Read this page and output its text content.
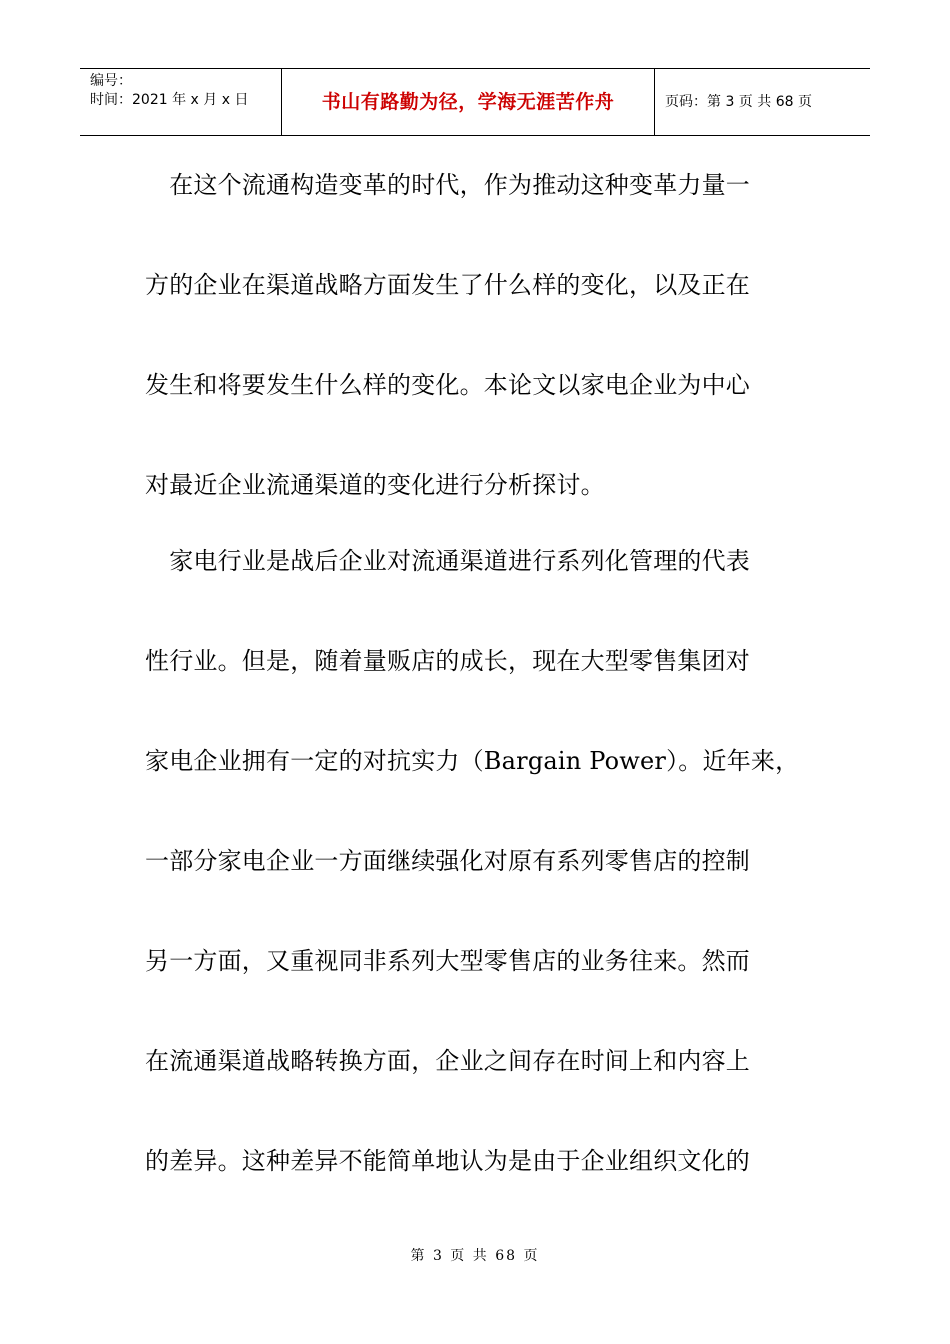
编号：
时间：2021 年 x 月 x 日	书山有路勤为径，学海无涯苦作舟	页码：第 3 页 共 68 页
　在这个流通构造变革的时代，作为推动这种变革力量一
方的企业在渠道战略方面发生了什么样的变化，以及正在
发生和将要发生什么样的变化。本论文以家电企业为中心
对最近企业流通渠道的变化进行分析探讨。
　家电行业是战后企业对流通渠道进行系列化管理的代表
性行业。但是，随着量贩店的成长，现在大型零售集团对
家电企业拥有一定的对抗实力（Bargain Power）。近年来，
一部分家电企业一方面继续强化对原有系列零售店的控制
另一方面，又重视同非系列大型零售店的业务往来。然而
在流通渠道战略转换方面，企业之间存在时间上和内容上
的差异。这种差异不能简单地认为是由于企业组织文化的
第 3 页 共 68 页
